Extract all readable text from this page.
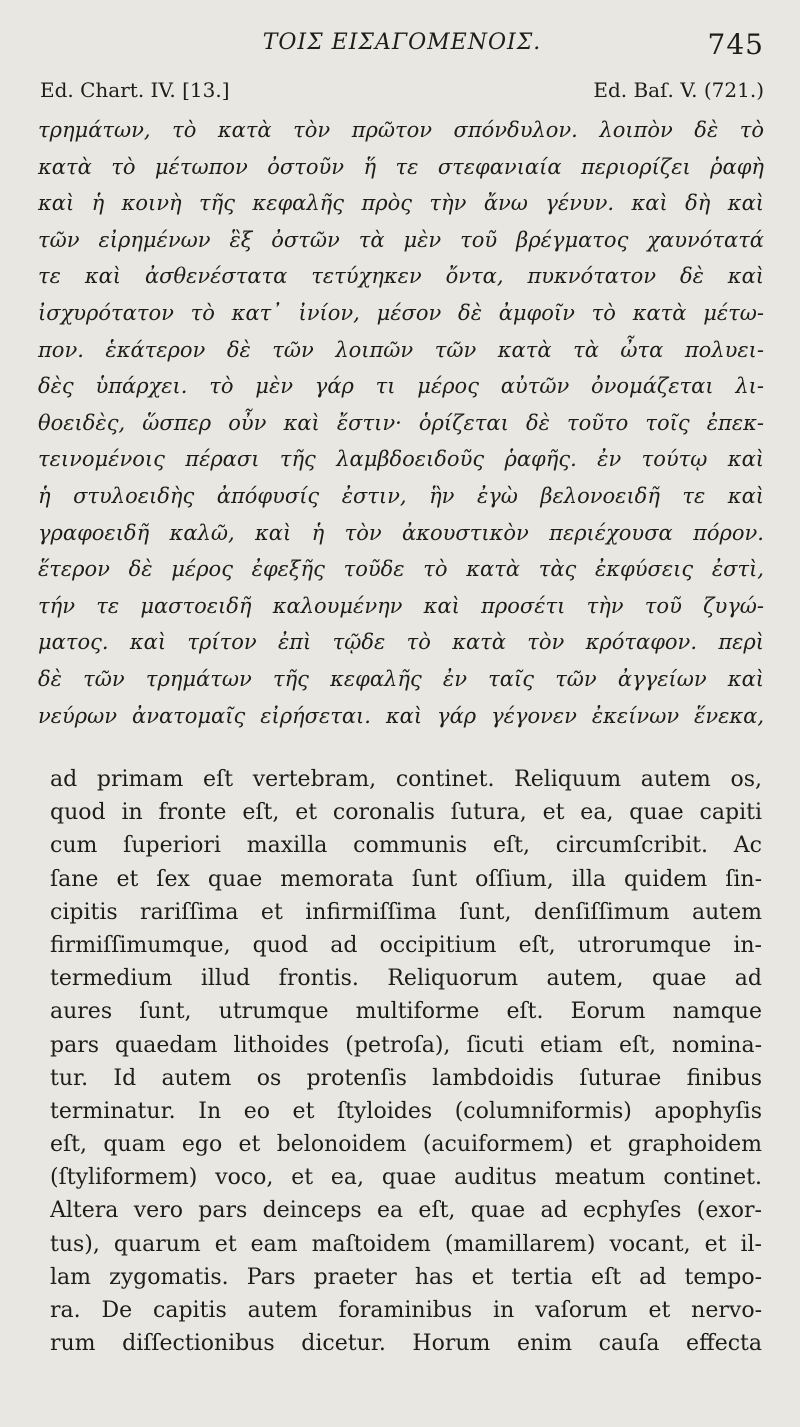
ΤΟΙΣ ΕΙΣΑΓΟΜΕΝΟΙΣ.	745
Ed. Chart. IV. [13.]	Ed. Baſ. V. (721.)
τρημάτων, τὸ κατὰ τὸν πρῶτον σπόνδυλον. λοιπὸν δὲ τὸ
κατὰ τὸ μέτωπον ὀστοῦν ἥ τε στεφανιαία περιορίζει ῥαφὴ
καὶ ἡ κοινὴ τῆς κεφαλῆς πρὸς τὴν ἄνω γένυν. καὶ δὴ καὶ
τῶν εἰρημένων ἓξ ὀστῶν τὰ μὲν τοῦ βρέγματος χαυνότατά
τε καὶ ἀσθενέστατα τετύχηκεν ὄντα, πυκνότατον δὲ καὶ
ἰσχυρότατον τὸ κατ᾽ ἰνίον, μέσον δὲ ἀμφοῖν τὸ κατὰ μέτω-
πον. ἑκάτερον δὲ τῶν λοιπῶν τῶν κατὰ τὰ ὦτα πολυει-
δὲς ὑπάρχει. τὸ μὲν γάρ τι μέρος αὐτῶν ὀνομάζεται λι-
θοειδὲς, ὥσπερ οὖν καὶ ἔστιν· ὁρίζεται δὲ τοῦτο τοῖς ἐπεκ-
τεινομένοις πέρασι τῆς λαμβδοειδοῦς ῥαφῆς. ἐν τούτῳ καὶ
ἡ στυλοειδὴς ἀπόφυσίς ἐστιν, ἣν ἐγὼ βελονοειδῆ τε καὶ
γραφοειδῆ καλῶ, καὶ ἡ τὸν ἀκουστικὸν περιέχουσα πόρον.
ἕτερον δὲ μέρος ἐφεξῆς τοῦδε τὸ κατὰ τὰς ἐκφύσεις ἐστὶ,
τήν τε μαστοειδῆ καλουμένην καὶ προσέτι τὴν τοῦ ζυγώ-
ματος. καὶ τρίτον ἐπὶ τῷδε τὸ κατὰ τὸν κρόταφον. περὶ
δὲ τῶν τρημάτων τῆς κεφαλῆς ἐν ταῖς τῶν ἀγγείων καὶ
νεύρων ἀνατομαῖς εἰρήσεται. καὶ γάρ γέγονεν ἐκείνων ἕνεκα,
ad primam eſt vertebram, continet. Reliquum autem os,
quod in fronte eſt, et coronalis ſutura, et ea, quae capiti
cum ſuperiori maxilla communis eſt, circumſcribit. Ac
ſane et ſex quae memorata ſunt oſſium, illa quidem ſin-
cipitis rariſſima et infirmiſſima ſunt, denſiſſimum autem
firmiſſimumque, quod ad occipitium eſt, utrorumque in-
termedium illud frontis. Reliquorum autem, quae ad
aures ſunt, utrumque multiforme eſt. Eorum namque
pars quaedam lithoides (petroſa), ſicuti etiam eſt, nomina-
tur. Id autem os protenſis lambdoidis ſuturae finibus
terminatur. In eo et ſtyloides (columniformis) apophyſis
eſt, quam ego et belonoidem (acuiformem) et graphoidem
(ſtyliformem) voco, et ea, quae auditus meatum continet.
Altera vero pars deinceps ea eſt, quae ad ecphyſes (exor-
tus), quarum et eam maſtoidem (mamillarem) vocant, et il-
lam zygomatis. Pars praeter has et tertia eſt ad tempo-
ra. De capitis autem foraminibus in vaſorum et nervo-
rum diſſectionibus dicetur. Horum enim cauſa effecta
